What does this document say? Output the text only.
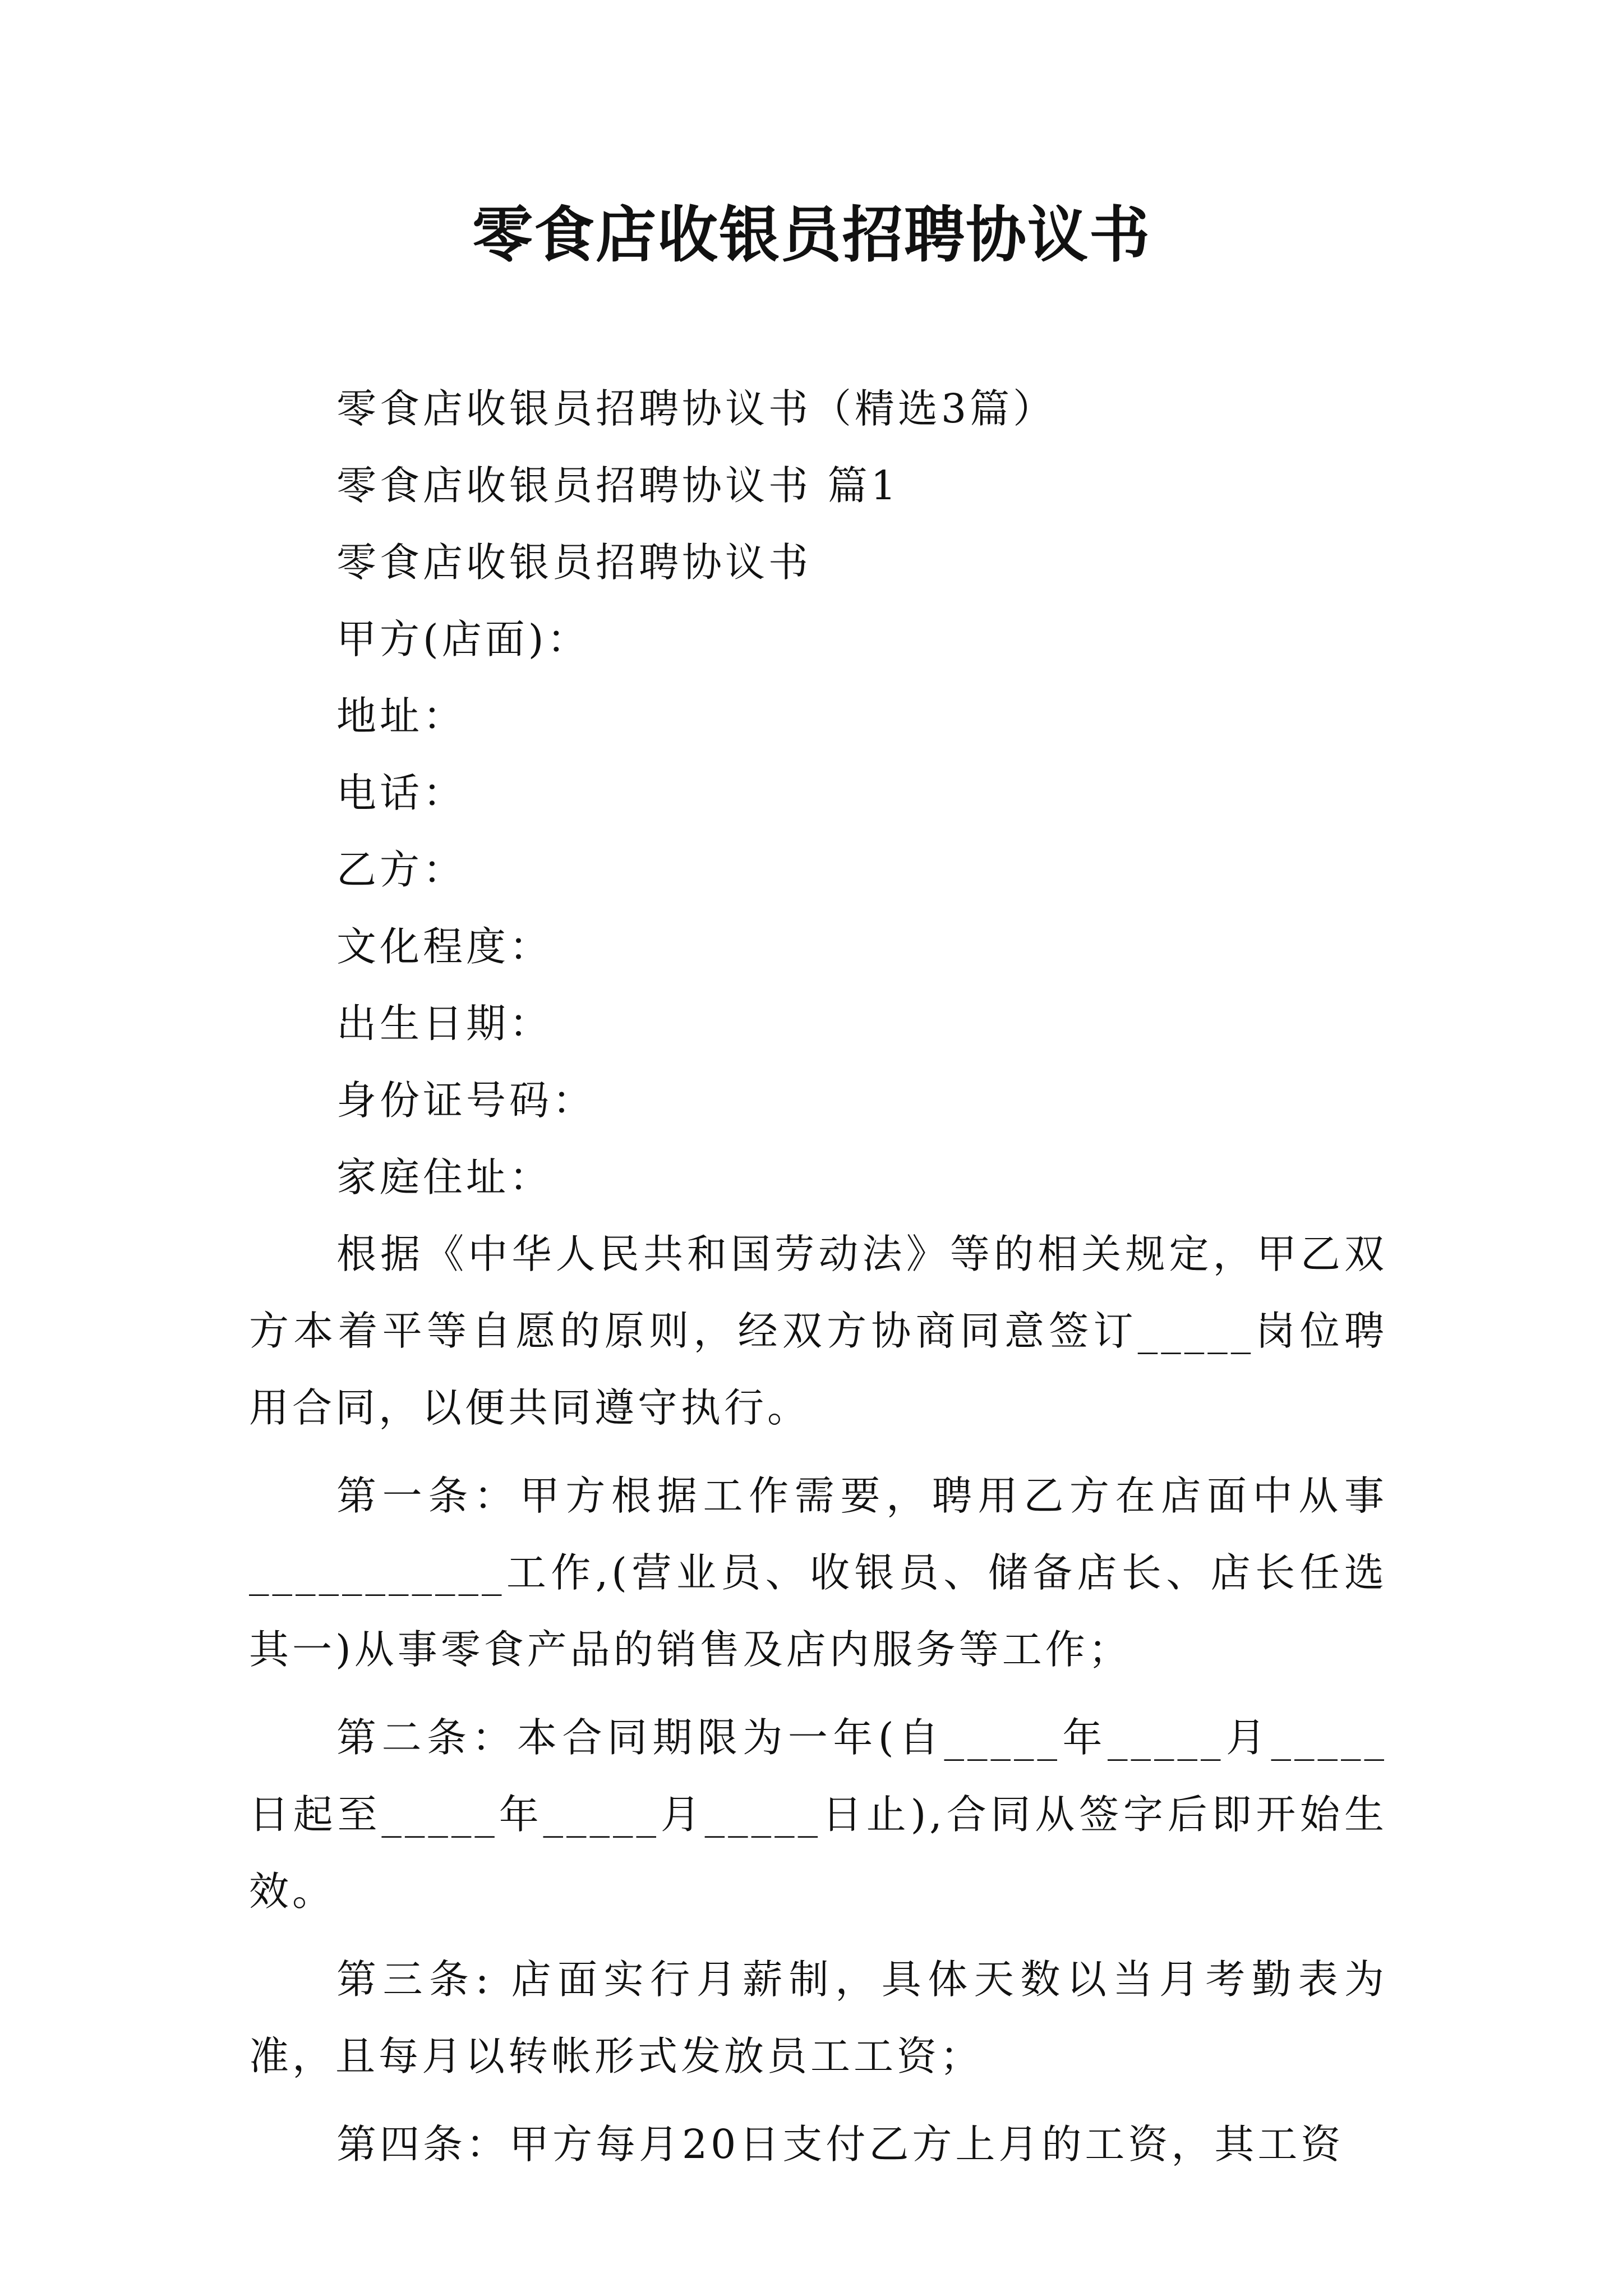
零食店收银员招聘协议书

零食店收银员招聘协议书（精选3篇）

零食店收银员招聘协议书 篇1

零食店收银员招聘协议书

甲方(店面)：

地址：

电话：

乙方：

文化程度：

出生日期：

身份证号码：

家庭住址：

根据《中华人民共和国劳动法》等的相关规定，甲乙双方本着平等自愿的原则，经双方协商同意签订_____岗位聘用合同，以便共同遵守执行。

第一条：甲方根据工作需要，聘用乙方在店面中从事___________工作,(营业员、收银员、储备店长、店长任选其一)从事零食产品的销售及店内服务等工作；

第二条：本合同期限为一年(自_____年_____月_____日起至_____年_____月_____日止),合同从签字后即开始生效。

第三条: 店面实行月薪制，具体天数以当月考勤表为准，且每月以转帐形式发放员工工资；

第四条：甲方每月20日支付乙方上月的工资，其工资
